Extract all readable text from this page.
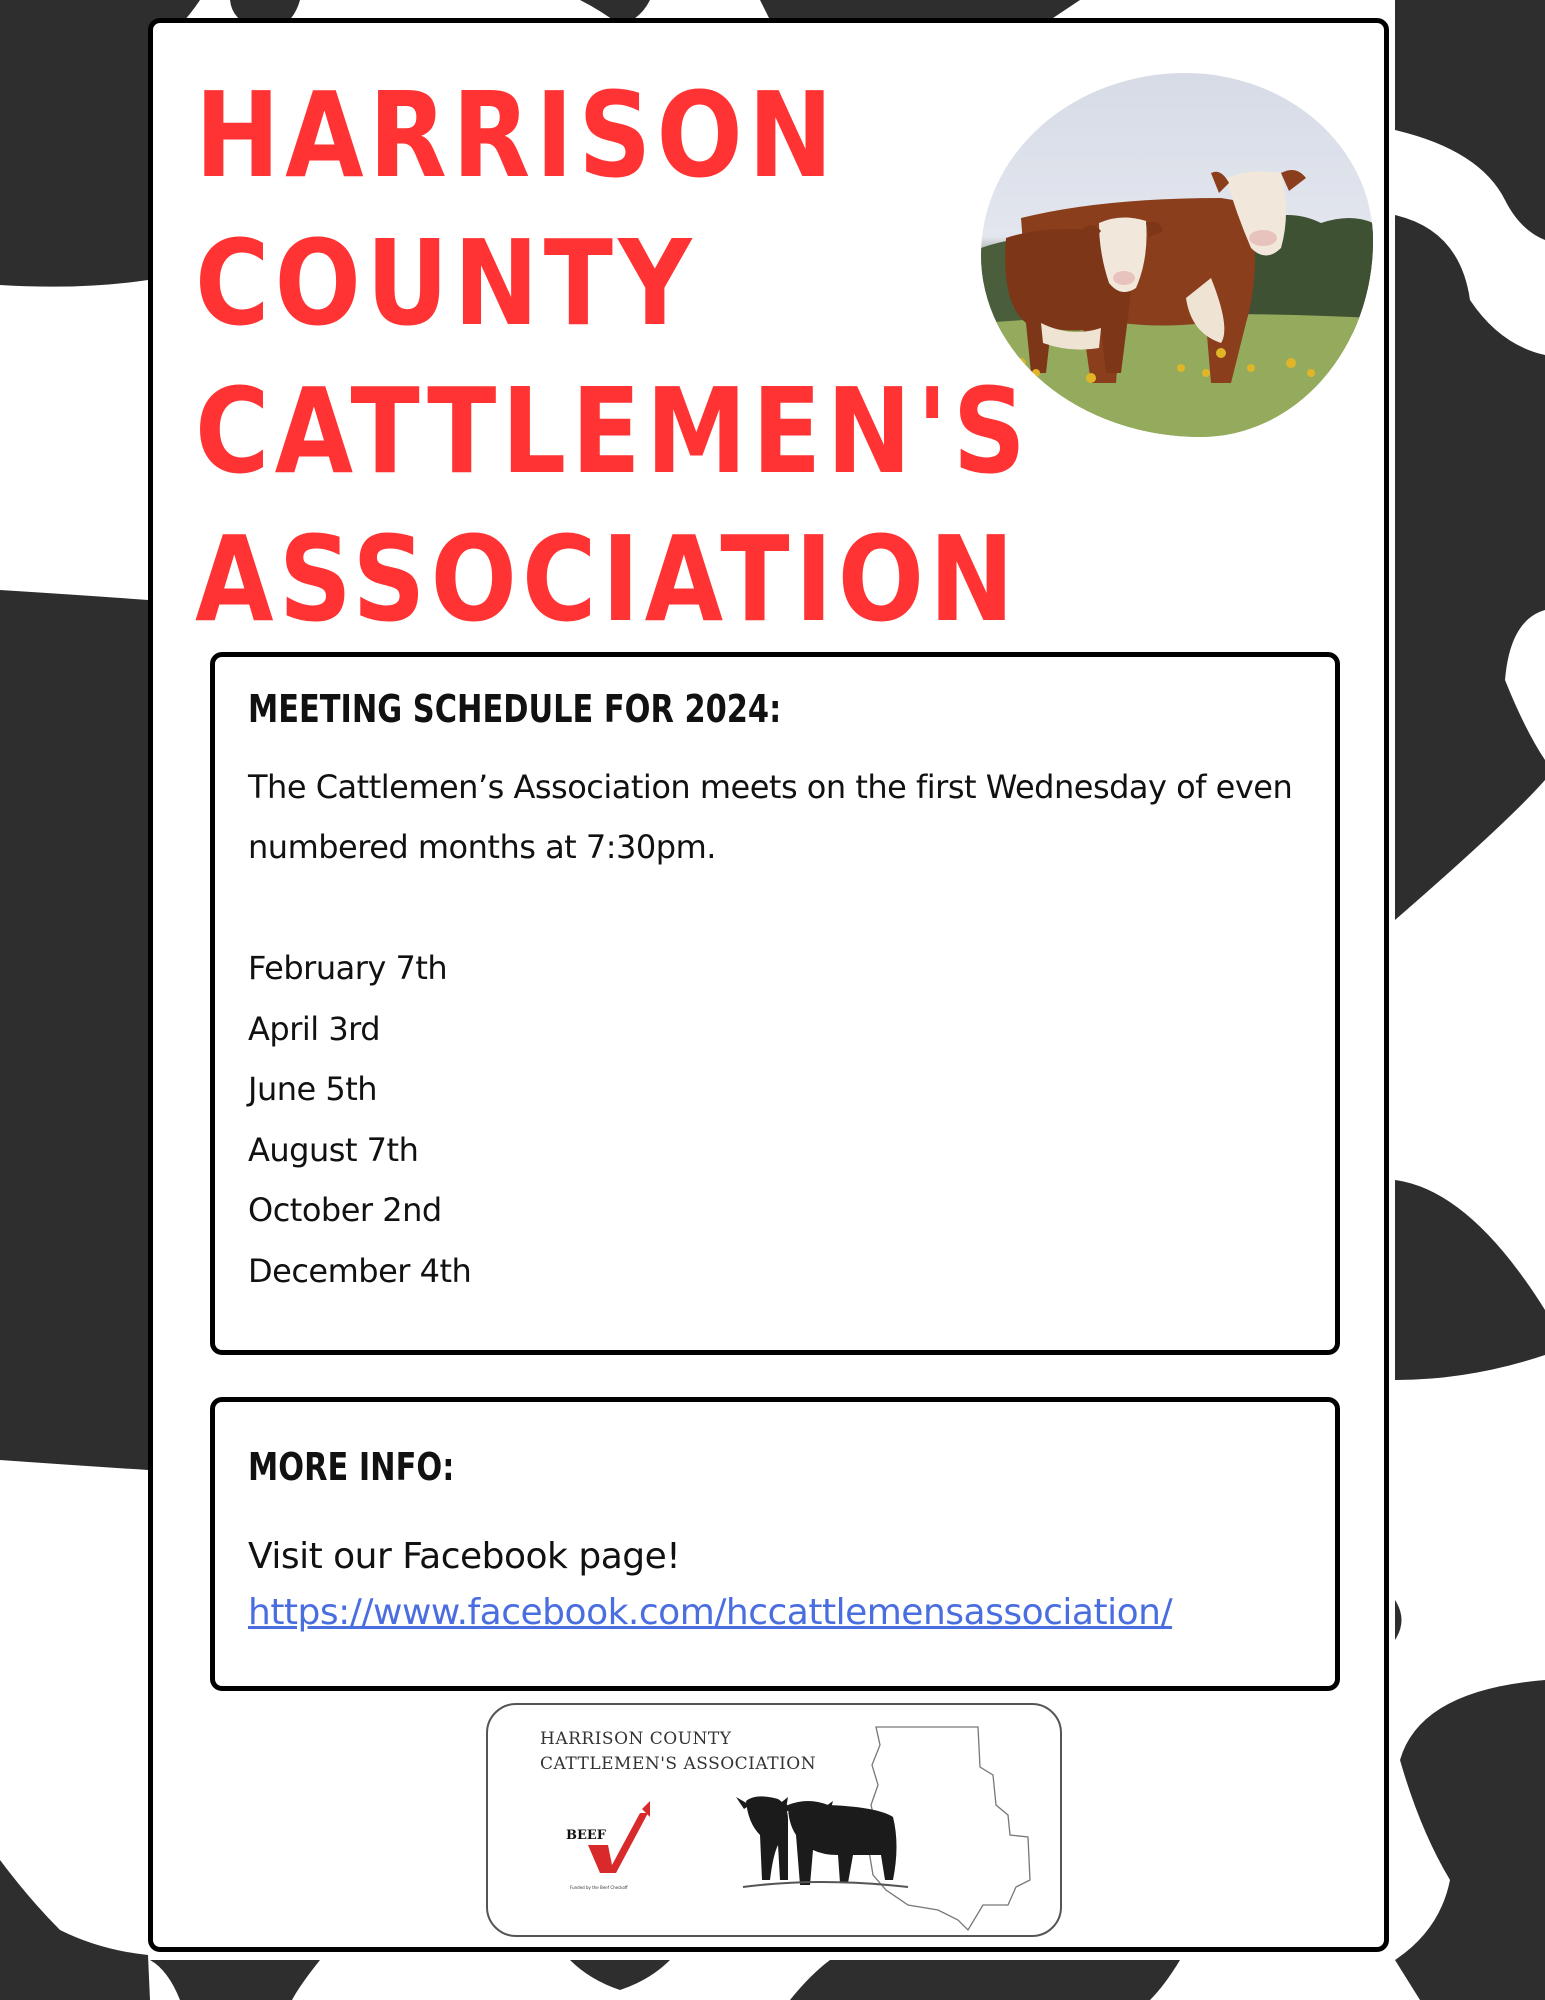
HARRISON
COUNTY
CATTLEMEN'S
ASSOCIATION
MEETING SCHEDULE FOR 2024:

The Cattlemen’s Association meets on the first Wednesday of even numbered months at 7:30pm.

February 7th
April 3rd
June 5th
August 7th
October 2nd
December 4th
MORE INFO:
Visit our Facebook page!
https://www.facebook.com/hccattlemensassociation/
HARRISON COUNTY
CATTLEMEN'S ASSOCIATION
BEEF
Funded by the Beef Checkoff
